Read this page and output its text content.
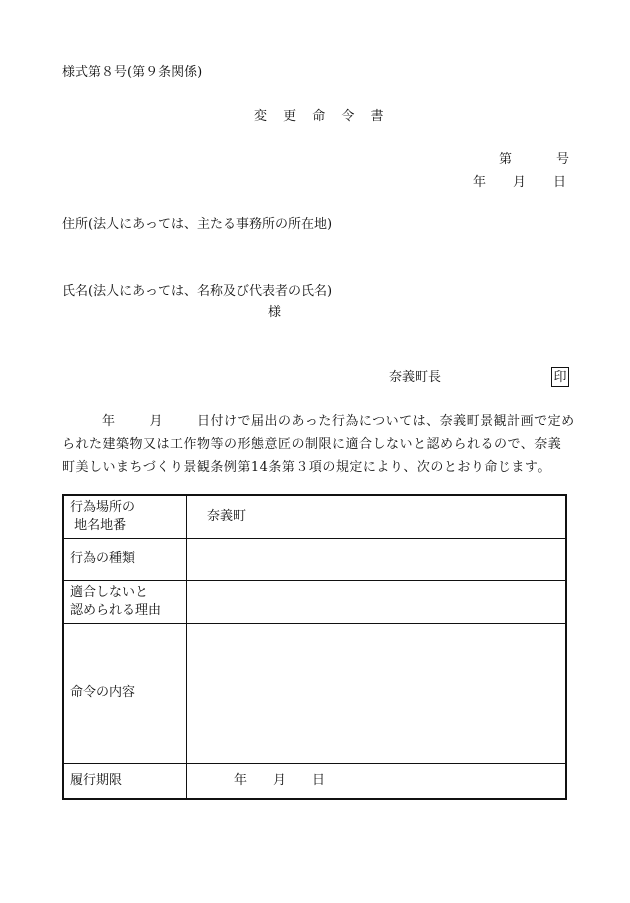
様式第８号(第９条関係)
変 更 命 令 書
第	号
年 月 日
住所(法人にあっては、主たる事務所の所在地)
氏名(法人にあっては、名称及び代表者の氏名)
様
奈義町長	印
年	月	日付けで届出のあった行為については、奈義町景観計画で定め
られた建築物又は工作物等の形態意匠の制限に適合しないと認められるので、奈義
町美しいまちづくり景観条例第14条第３項の規定により、次のとおり命じます。
行為場所の
地名地番	奈義町
行為の種類	

適合しないと
認められる理由	

命令の内容	
履行期限	年 月 日
